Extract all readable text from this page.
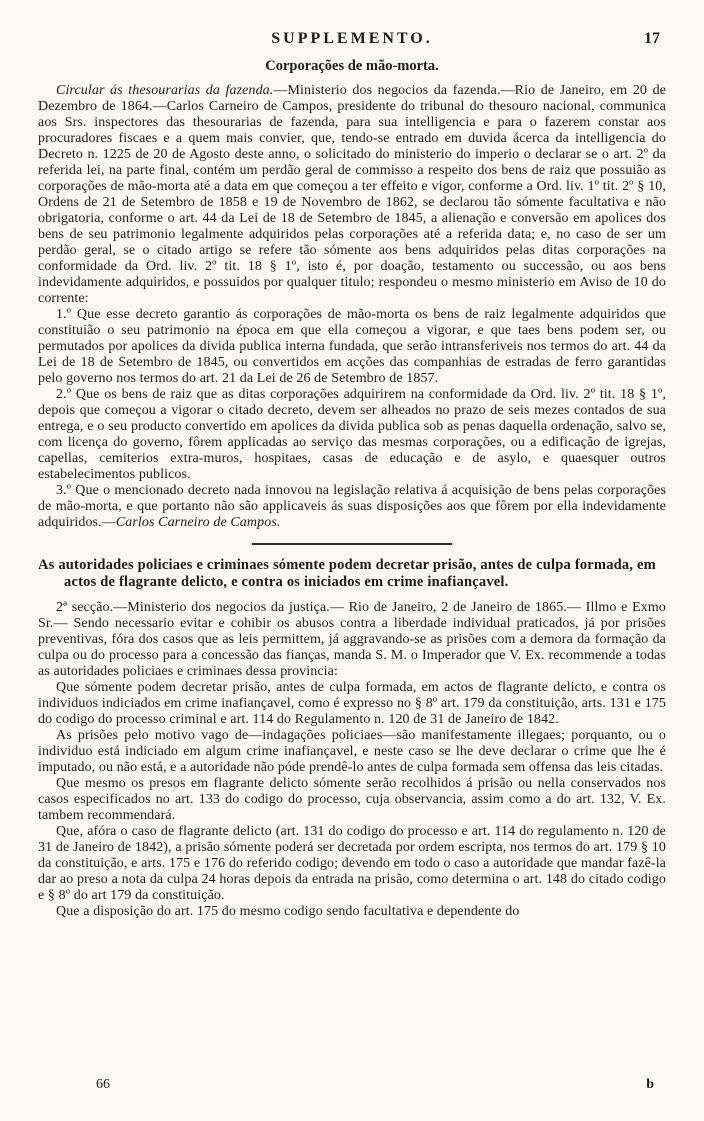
SUPPLEMENTO.	17
Corporações de mão-morta.

Circular ás thesourarias da fazenda.—Ministerio dos negocios da fazenda.—Rio de Janeiro, em 20 de Dezembro de 1864.—Carlos Carneiro de Campos, presidente do tribunal do thesouro nacional, communica aos Srs. inspectores das thesourarias de fazenda, para sua intelligencia e para o fazerem constar aos procuradores fiscaes e a quem mais convier, que, tendo-se entrado em duvida ácerca da intelligencia do Decreto n. 1225 de 20 de Agosto deste anno, o solicitado do ministerio do imperio o declarar se o art. 2º da referida lei, na parte final, contém um perdão geral de commisso a respeito dos bens de raiz que possuião as corporações de mão-morta até a data em que começou a ter effeito e vigor, conforme a Ord. liv. 1º tit. 2º § 10, Ordens de 21 de Setembro de 1858 e 19 de Novembro de 1862, se declarou tão sómente facultativa e não obrigatoria, conforme o art. 44 da Lei de 18 de Setembro de 1845, a alienação e conversão em apolices dos bens de seu patrimonio legalmente adquiridos pelas corporações até a referida data; e, no caso de ser um perdão geral, se o citado artigo se refere tão sómente aos bens adquiridos pelas ditas corporações na conformidade da Ord. liv. 2º tit. 18 § 1º, isto é, por doação, testamento ou successão, ou aos bens indevidamente adquiridos, e possuidos por qualquer titulo; respondeu o mesmo ministerio em Aviso de 10 do corrente:

1.º Que esse decreto garantio ás corporações de mão-morta os bens de raiz legalmente adquiridos que constituião o seu patrimonio na época em que ella começou a vigorar, e que taes bens podem ser, ou permutados por apolices da divida publica interna fundada, que serão intransferiveis nos termos do art. 44 da Lei de 18 de Setembro de 1845, ou convertidos em acções das companhias de estradas de ferro garantidas pelo governo nos termos do art. 21 da Lei de 26 de Setembro de 1857.

2.º Que os bens de raiz que as ditas corporações adquirirem na conformidade da Ord. liv. 2º tit. 18 § 1º, depois que começou a vigorar o citado decreto, devem ser alheados no prazo de seis mezes contados de sua entrega, e o seu producto convertido em apolices da divida publica sob as penas daquella ordenação, salvo se, com licença do governo, fôrem applicadas ao serviço das mesmas corporações, ou a edificação de igrejas, capellas, cemiterios extra-muros, hospitaes, casas de educação e de asylo, e quaesquer outros estabelecimentos publicos.

3.º Que o mencionado decreto nada innovou na legislação relativa á acquisição de bens pelas corporações de mão-morta, e que portanto não são applicaveis ás suas disposições aos que fôrem por ella indevidamente adquiridos.—Carlos Carneiro de Campos.

As autoridades policiaes e criminaes sómente podem decretar prisão, antes de culpa formada, em actos de flagrante delicto, e contra os iniciados em crime inafiançavel.

2ª secção.—Ministerio dos negocios da justiça.— Rio de Janeiro, 2 de Janeiro de 1865.— Illmo e Exmo Sr.— Sendo necessario evitar e cohibir os abusos contra a liberdade individual praticados, já por prisões preventivas, fóra dos casos que as leis permittem, já aggravando-se as prisões com a demora da formação da culpa ou do processo para a concessão das fianças, manda S. M. o Imperador que V. Ex. recommende a todas as autoridades policiaes e criminaes dessa provincia:

Que sómente podem decretar prisão, antes de culpa formada, em actos de flagrante delicto, e contra os individuos indiciados em crime inafiançavel, como é expresso no § 8º art. 179 da constituição, arts. 131 e 175 do codigo do processo criminal e art. 114 do Regulamento n. 120 de 31 de Janeiro de 1842.

As prisões pelo motivo vago de—indagações policiaes—são manifestamente illegaes; porquanto, ou o individuo está indiciado em algum crime inafiançavel, e neste caso se lhe deve declarar o crime que lhe é imputado, ou não está, e a autoridade não póde prendê-lo antes de culpa formada sem offensa das leis citadas.

Que mesmo os presos em flagrante delicto sómente serão recolhidos á prisão ou nella conservados nos casos especificados no art. 133 do codigo do processo, cuja observancia, assim como a do art. 132, V. Ex. tambem recommendará.

Que, afóra o caso de flagrante delicto (art. 131 do codigo do processo e art. 114 do regulamento n. 120 de 31 de Janeiro de 1842), a prisão sómente poderá ser decretada por ordem escripta, nos termos do art. 179 § 10 da constituição, e arts. 175 e 176 do referido codigo; devendo em todo o caso a autoridade que mandar fazê-la dar ao preso a nota da culpa 24 horas depois da entrada na prisão, como determina o art. 148 do citado codigo e § 8º do art 179 da constituição.

Que a disposição do art. 175 do mesmo codigo sendo facultativa e dependente do

66	b
